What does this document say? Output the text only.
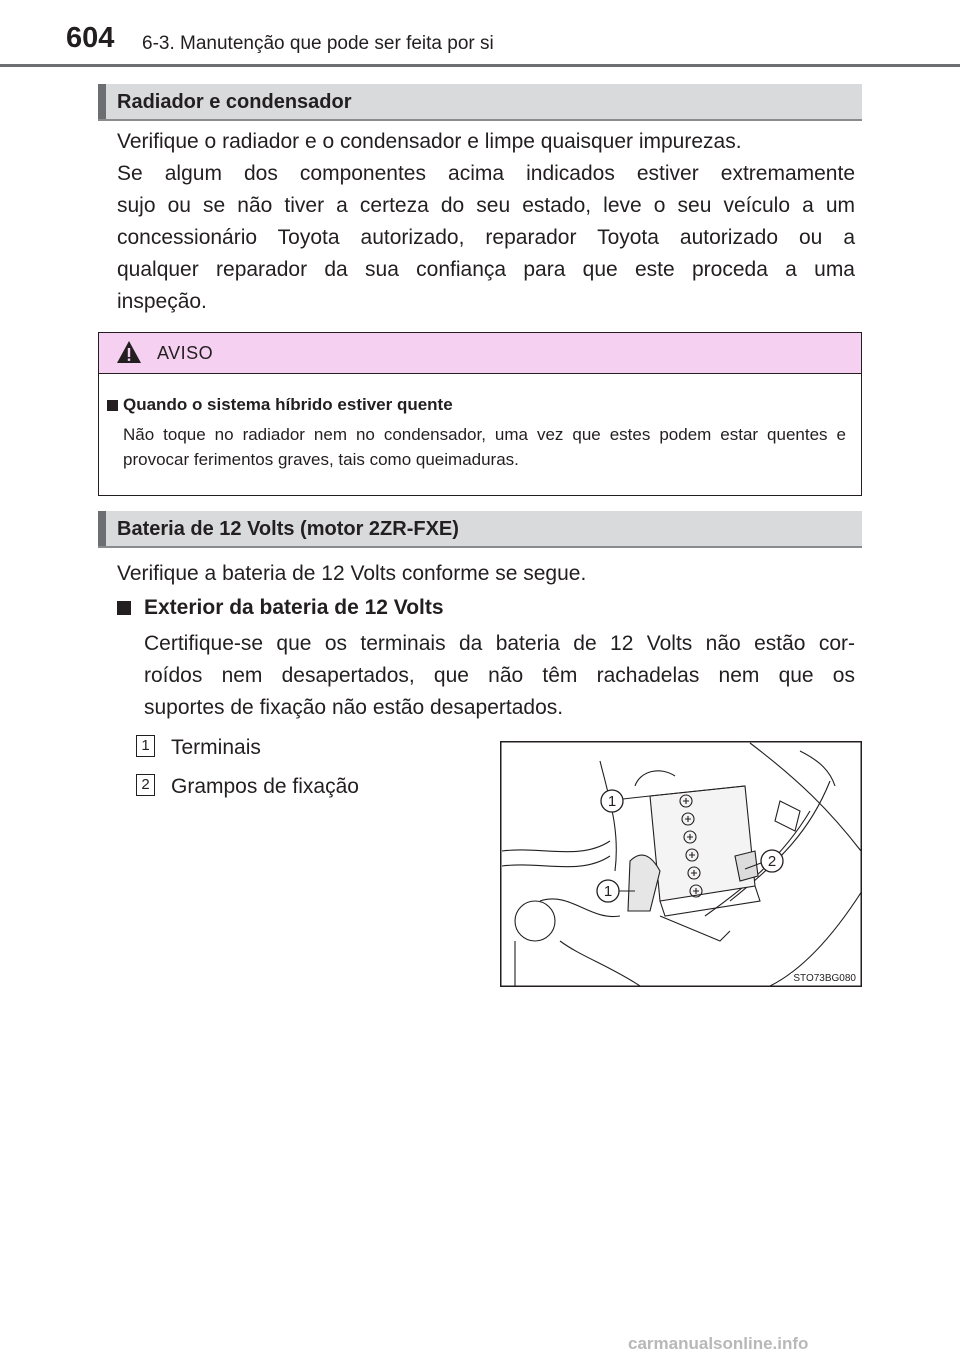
604 6-3. Manutenção que pode ser feita por si
Radiador e condensador
Verifique o radiador e o condensador e limpe quaisquer impurezas.
Se algum dos componentes acima indicados estiver extremamente
sujo ou se não tiver a certeza do seu estado, leve o seu veículo a um
concessionário Toyota autorizado, reparador Toyota autorizado ou a
qualquer reparador da sua confiança para que este proceda a uma
inspeção.
AVISO
Quando o sistema híbrido estiver quente
Não toque no radiador nem no condensador, uma vez que estes podem estar quentes e provocar ferimentos graves, tais como queimaduras.
Bateria de 12 Volts (motor 2ZR-FXE)
Verifique a bateria de 12 Volts conforme se segue.
Exterior da bateria de 12 Volts
Certifique-se que os terminais da bateria de 12 Volts não estão cor-
roídos nem desapertados, que não têm rachadelas nem que os
suportes de fixação não estão desapertados.
1 Terminais
2 Grampos de fixação
1
2
1
STO73BG080
carmanualsonline.info
